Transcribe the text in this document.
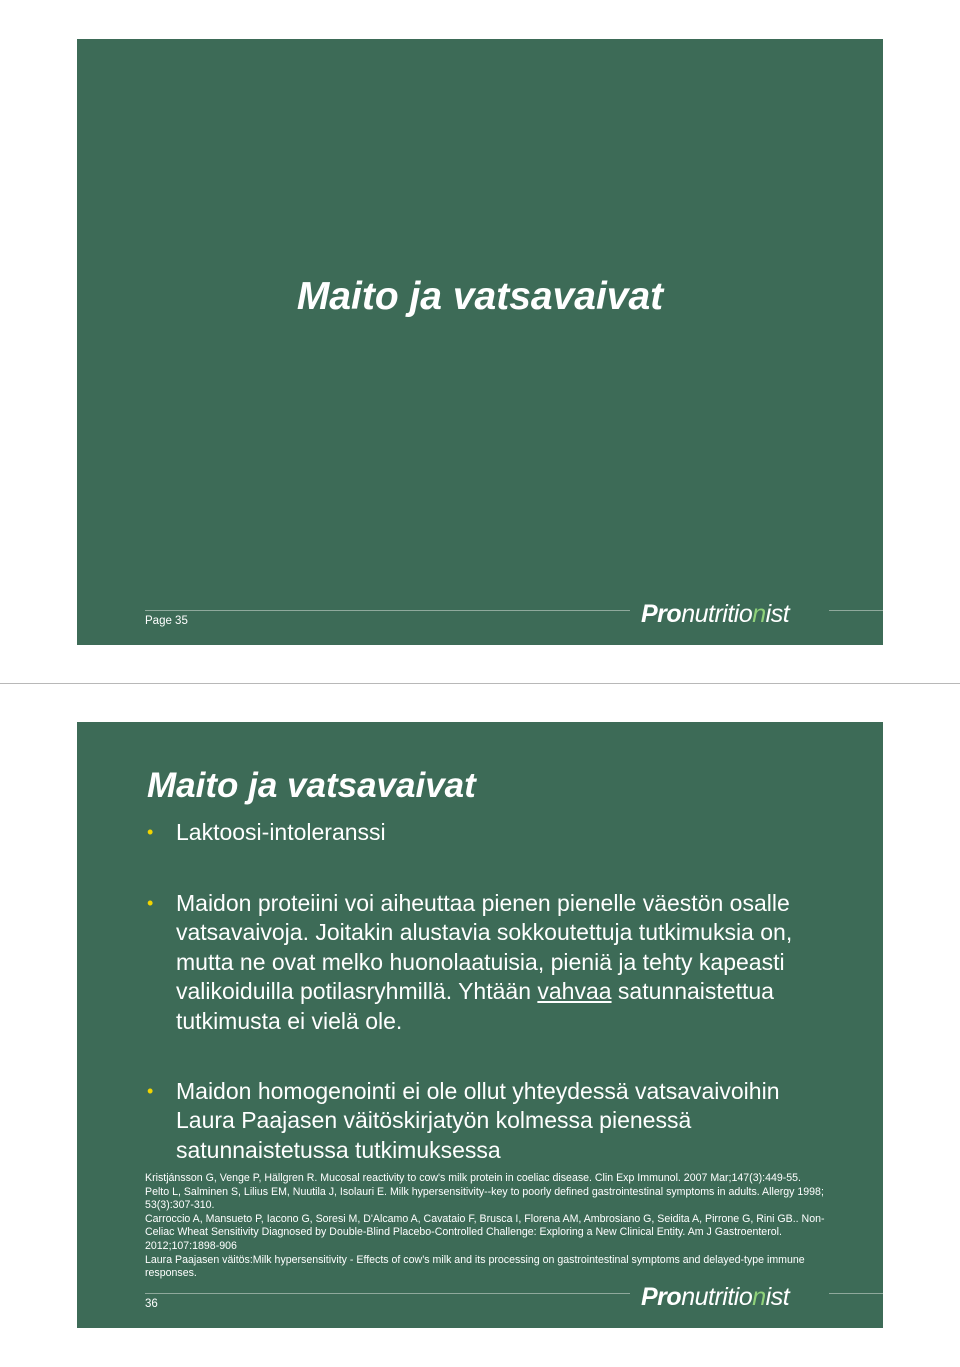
Maito ja vatsavaivat
Page 35	Pronutritionist
Maito ja vatsavaivat
• Laktoosi-intoleranssi
• Maidon proteiini voi aiheuttaa pienen pienelle väestön osalle vatsavaivoja. Joitakin alustavia sokkoutettuja tutkimuksia on, mutta ne ovat melko huonolaatuisia, pieniä ja tehty kapeasti valikoiduilla potilasryhmillä. Yhtään vahvaa satunnaistettua tutkimusta ei vielä ole.
• Maidon homogenointi ei ole ollut yhteydessä vatsavaivoihin Laura Paajasen väitöskirjatyön kolmessa pienessä satunnaistetussa tutkimuksessa
Kristjánsson G, Venge P, Hällgren R. Mucosal reactivity to cow's milk protein in coeliac disease. Clin Exp Immunol. 2007 Mar;147(3):449-55.
Pelto L, Salminen S, Lilius EM, Nuutila J, Isolauri E. Milk hypersensitivity--key to poorly defined gastrointestinal symptoms in adults. Allergy 1998; 53(3):307-310.
Carroccio A, Mansueto P, Iacono G, Soresi M, D'Alcamo A, Cavataio F, Brusca I, Florena AM, Ambrosiano G, Seidita A, Pirrone G, Rini GB.. Non-Celiac Wheat Sensitivity Diagnosed by Double-Blind Placebo-Controlled Challenge: Exploring a New Clinical Entity. Am J Gastroenterol. 2012;107:1898-906
Laura Paajasen väitös:Milk hypersensitivity - Effects of cow’s milk and its processing on gastrointestinal symptoms and delayed-type immune responses.
36	Pronutritionist
